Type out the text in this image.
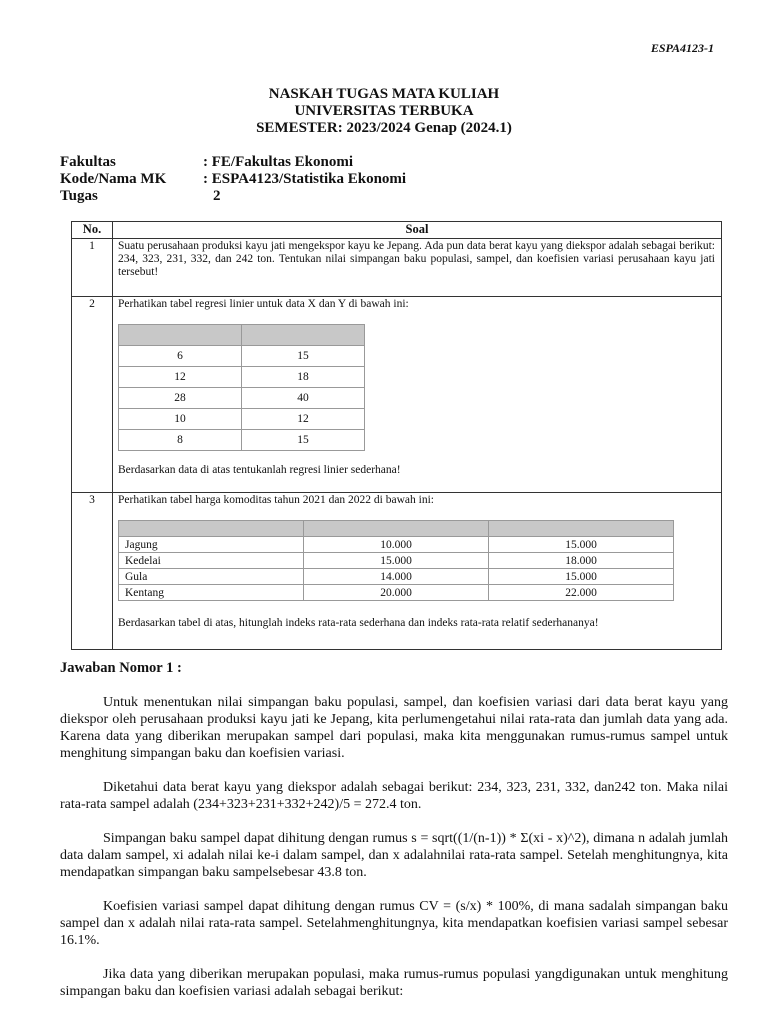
ESPA4123-1
NASKAH TUGAS MATA KULIAH
UNIVERSITAS TERBUKA
SEMESTER: 2023/2024 Genap (2024.1)
Fakultas	: FE/Fakultas Ekonomi
Kode/Nama MK	: ESPA4123/Statistika Ekonomi
Tugas	2
No.	Soal
1	Suatu perusahaan produksi kayu jati mengekspor kayu ke Jepang. Ada pun data berat kayu yang diekspor adalah sebagai berikut: 234, 323, 231, 332, dan 242 ton. Tentukan nilai simpangan baku populasi, sampel, dan koefisien variasi perusahaan kayu jati tersebut!
2	Perhatikan tabel regresi linier untuk data X dan Y di bawah ini:

6	15
12	18
28	40
10	12
8	15
Berdasarkan data di atas tentukanlah regresi linier sederhana!

3	Perhatikan tabel harga komoditas tahun 2021 dan 2022 di bawah ini:

Jagung	10.000	15.000
Kedelai	15.000	18.000
Gula	14.000	15.000
Kentang	20.000	22.000
Berdasarkan tabel di atas, hitunglah indeks rata-rata sederhana dan indeks rata-rata relatif sederhananya!
Jawaban Nomor 1 :

Untuk menentukan nilai simpangan baku populasi, sampel, dan koefisien variasi dari data berat kayu yang diekspor oleh perusahaan produksi kayu jati ke Jepang, kita perlumengetahui nilai rata-rata dan jumlah data yang ada. Karena data yang diberikan merupakan sampel dari populasi, maka kita menggunakan rumus-rumus sampel untuk menghitung simpangan baku dan koefisien variasi.

Diketahui data berat kayu yang diekspor adalah sebagai berikut: 234, 323, 231, 332, dan242 ton. Maka nilai rata-rata sampel adalah (234+323+231+332+242)/5 = 272.4 ton.

Simpangan baku sampel dapat dihitung dengan rumus s = sqrt((1/(n-1)) * Σ(xi - x)^2), dimana n adalah jumlah data dalam sampel, xi adalah nilai ke-i dalam sampel, dan x adalahnilai rata-rata sampel. Setelah menghitungnya, kita mendapatkan simpangan baku sampelsebesar 43.8 ton.

Koefisien variasi sampel dapat dihitung dengan rumus CV = (s/x) * 100%, di mana sadalah simpangan baku sampel dan x adalah nilai rata-rata sampel. Setelahmenghitungnya, kita mendapatkan koefisien variasi sampel sebesar 16.1%.

Jika data yang diberikan merupakan populasi, maka rumus-rumus populasi yangdigunakan untuk menghitung simpangan baku dan koefisien variasi adalah sebagai berikut:
